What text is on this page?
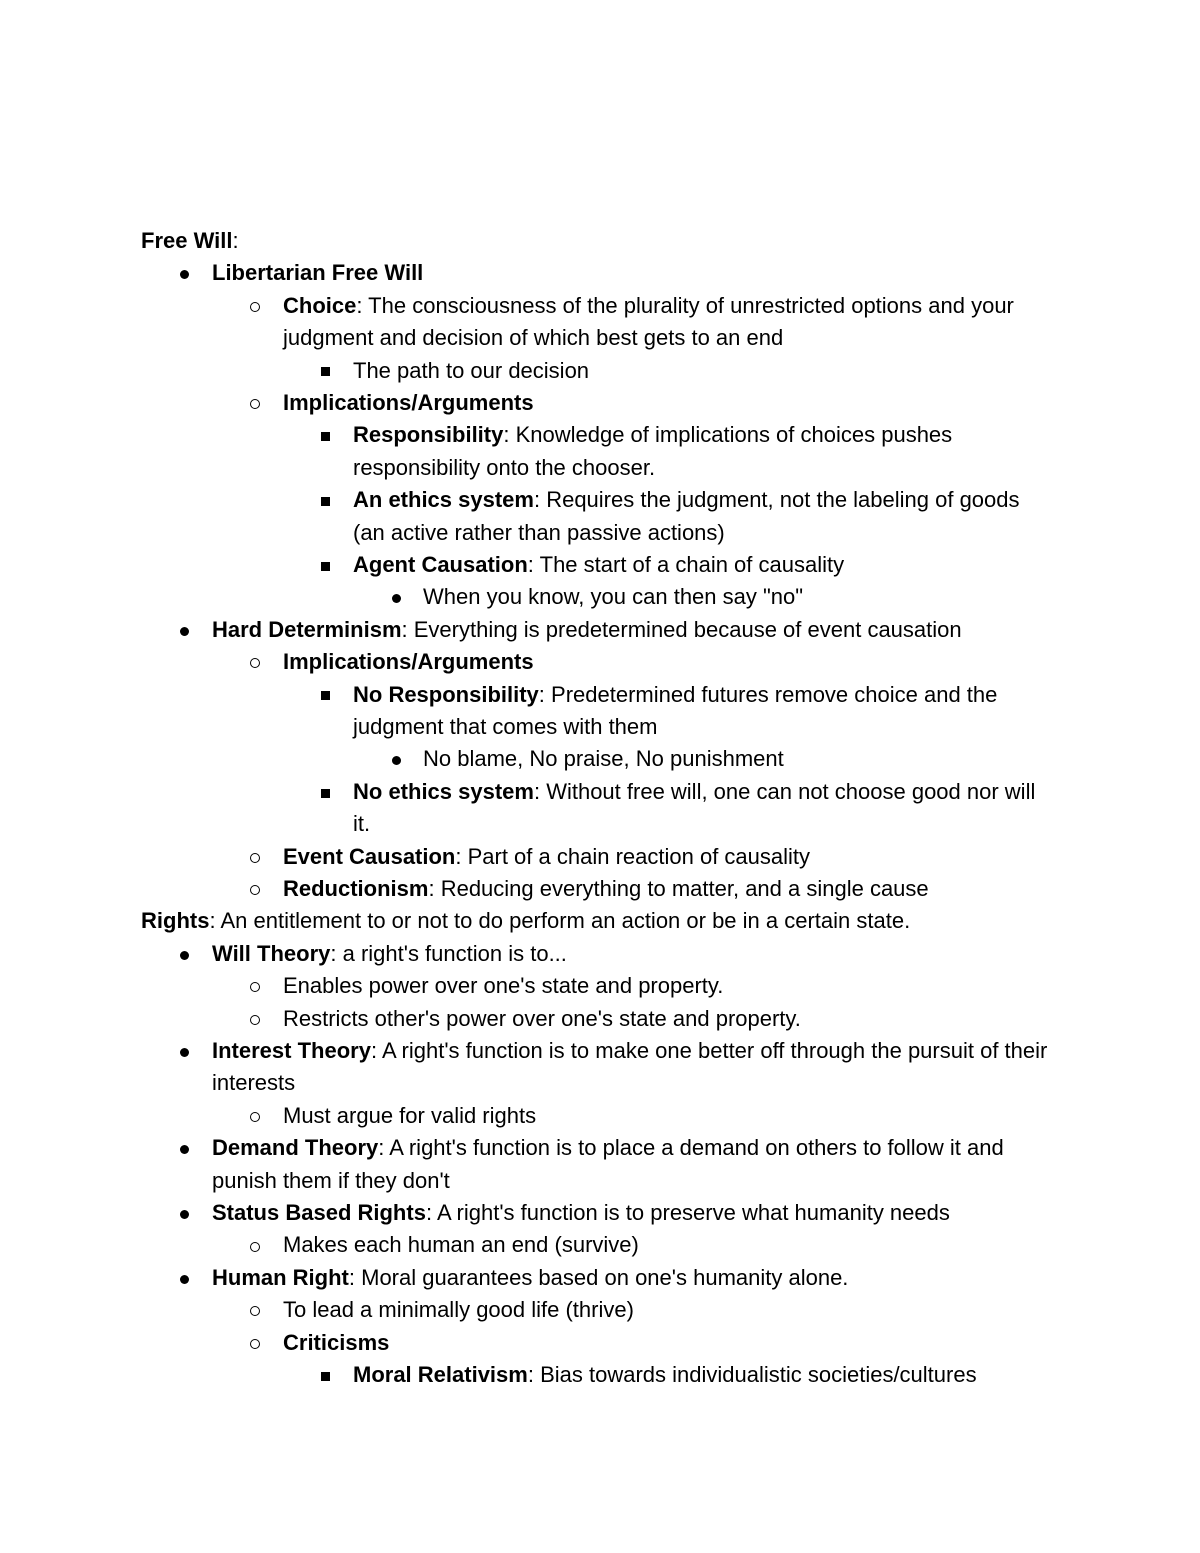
Free Will:
Libertarian Free Will
Choice: The consciousness of the plurality of unrestricted options and your judgment and decision of which best gets to an end
The path to our decision
Implications/Arguments
Responsibility: Knowledge of implications of choices pushes responsibility onto the chooser.
An ethics system: Requires the judgment, not the labeling of goods (an active rather than passive actions)
Agent Causation: The start of a chain of causality
When you know, you can then say "no"
Hard Determinism: Everything is predetermined because of event causation
Implications/Arguments
No Responsibility: Predetermined futures remove choice and the judgment that comes with them
No blame, No praise, No punishment
No ethics system: Without free will, one can not choose good nor will it.
Event Causation: Part of a chain reaction of causality
Reductionism: Reducing everything to matter, and a single cause
Rights: An entitlement to or not to do perform an action or be in a certain state.
Will Theory: a right's function is to...
Enables power over one's state and property.
Restricts other's power over one's state and property.
Interest Theory: A right's function is to make one better off through the pursuit of their interests
Must argue for valid rights
Demand Theory: A right's function is to place a demand on others to follow it and punish them if they don't
Status Based Rights: A right's function is to preserve what humanity needs
Makes each human an end (survive)
Human Right: Moral guarantees based on one's humanity alone.
To lead a minimally good life (thrive)
Criticisms
Moral Relativism: Bias towards individualistic societies/cultures
